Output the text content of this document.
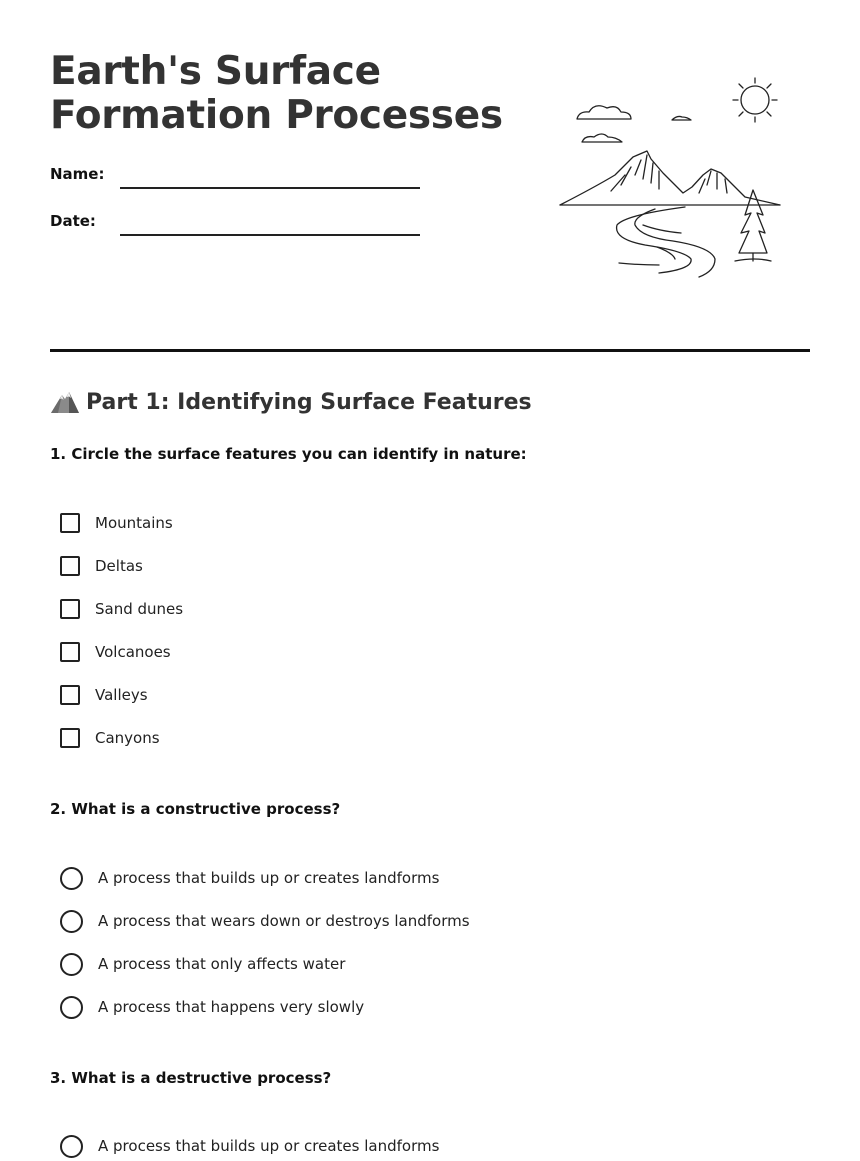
Earth's Surface
Formation Processes
Name:
Date:
Part 1: Identifying Surface Features

1. Circle the surface features you can identify in nature:

Mountains
Deltas
Sand dunes
Volcanoes
Valleys
Canyons

2. What is a constructive process?

A process that builds up or creates landforms
A process that wears down or destroys landforms
A process that only affects water
A process that happens very slowly

3. What is a destructive process?

A process that builds up or creates landforms
